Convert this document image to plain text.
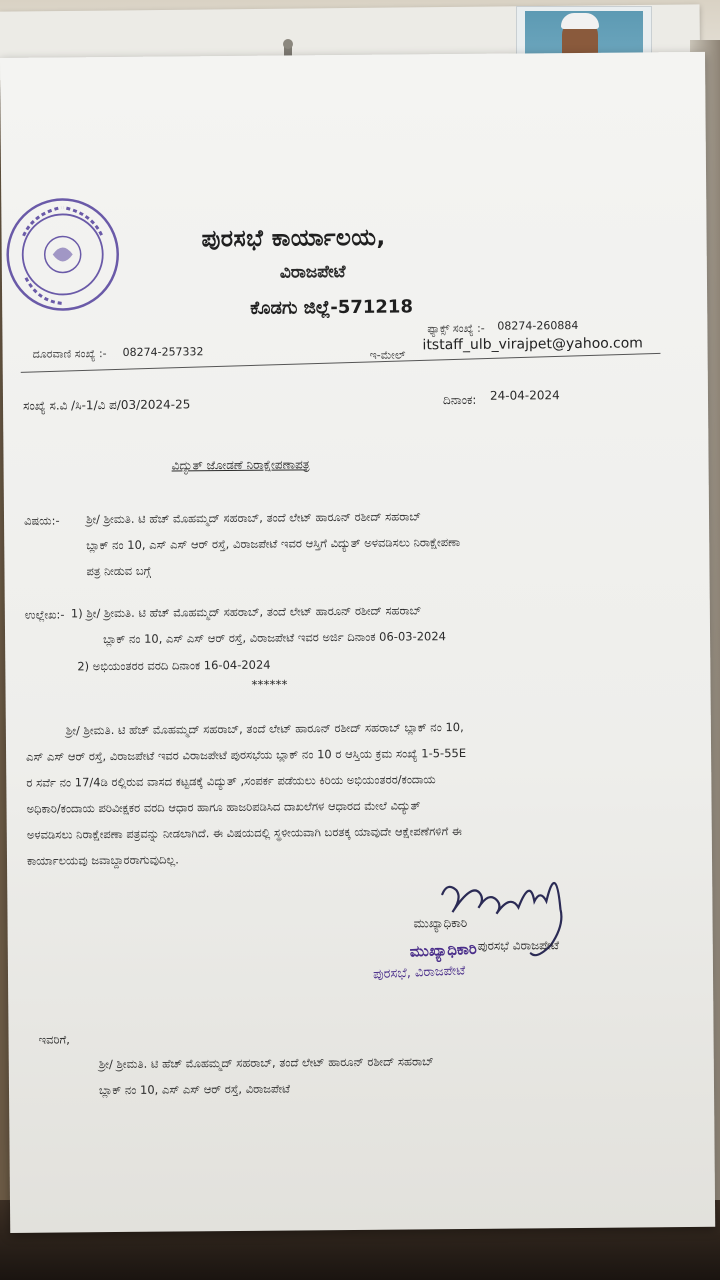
ಪುರಸಭೆ ಕಾರ್ಯಾಲಯ,
ವಿರಾಜಪೇಟೆ
ಕೊಡಗು ಜಿಲ್ಲೆ-571218
ದೂರವಾಣಿ ಸಂಖ್ಯೆ :- 08274-257332
ಫ್ಯಾಕ್ಸ್ ಸಂಖ್ಯೆ :- 08274-260884
ಇ-ಮೇಲ್
itstaff_ulb_virajpet@yahoo.com
ಸಂಖ್ಯೆ ಸ.ವಿ /ಸಿ-1/ವಿ ಪ/03/2024-25	ದಿನಾಂಕ: 24-04-2024
ವಿದ್ಯುತ್ ಜೋಡಣೆ ನಿರಾಕ್ಷೇಪಣಾಪತ್ರ
ವಿಷಯ:- ಶ್ರೀ/ ಶ್ರೀಮತಿ. ಟಿ ಹೆಚ್ ಮೊಹಮ್ಮದ್ ಸಹರಾಬ್, ತಂದೆ ಲೇಟ್ ಹಾರೂನ್ ರಶೀದ್ ಸಹರಾಬ್
ಬ್ಲಾಕ್ ನಂ 10, ಎಸ್ ಎಸ್ ಆರ್ ರಸ್ತೆ, ವಿರಾಜಪೇಟೆ ಇವರ ಆಸ್ತಿಗೆ ವಿದ್ಯುತ್ ಅಳವಡಿಸಲು ನಿರಾಕ್ಷೇಪಣಾ
ಪತ್ರ ನೀಡುವ ಬಗ್ಗೆ
ಉಲ್ಲೇಖ:- 1) ಶ್ರೀ/ ಶ್ರೀಮತಿ. ಟಿ ಹೆಚ್ ಮೊಹಮ್ಮದ್ ಸಹರಾಬ್, ತಂದೆ ಲೇಟ್ ಹಾರೂನ್ ರಶೀದ್ ಸಹರಾಬ್
ಬ್ಲಾಕ್ ನಂ 10, ಎಸ್ ಎಸ್ ಆರ್ ರಸ್ತೆ, ವಿರಾಜಪೇಟೆ ಇವರ ಅರ್ಜಿ ದಿನಾಂಕ 06-03-2024
2) ಅಭಿಯಂತರರ ವರದಿ ದಿನಾಂಕ 16-04-2024
******
ಶ್ರೀ/ ಶ್ರೀಮತಿ. ಟಿ ಹೆಚ್ ಮೊಹಮ್ಮದ್ ಸಹರಾಬ್, ತಂದೆ ಲೇಟ್ ಹಾರೂನ್ ರಶೀದ್ ಸಹರಾಬ್ ಬ್ಲಾಕ್ ನಂ 10,
ಎಸ್ ಎಸ್ ಆರ್ ರಸ್ತೆ, ವಿರಾಜಪೇಟೆ ಇವರ ವಿರಾಜಪೇಟೆ ಪುರಸಭೆಯ ಬ್ಲಾಕ್ ನಂ 10 ರ ಆಸ್ತಿಯ ಕ್ರಮ ಸಂಖ್ಯೆ 1-5-55E
ರ ಸರ್ವೆ ನಂ 17/4ಡಿ ರಲ್ಲಿರುವ ವಾಸದ ಕಟ್ಟಡಕ್ಕೆ ವಿದ್ಯುತ್ ,ಸಂಪರ್ಕ ಪಡೆಯಲು ಕಿರಿಯ ಅಭಿಯಂತರರ/ಕಂದಾಯ
ಅಧಿಕಾರಿ/ಕಂದಾಯ ಪರಿವೀಕ್ಷಕರ ವರದಿ ಆಧಾರ ಹಾಗೂ ಹಾಜರಿಪಡಿಸಿದ ದಾಖಲೆಗಳ ಆಧಾರದ ಮೇಲೆ ವಿದ್ಯುತ್
ಅಳವಡಿಸಲು ನಿರಾಕ್ಷೇಪಣಾ ಪತ್ರವನ್ನು ನೀಡಲಾಗಿದೆ. ಈ ವಿಷಯದಲ್ಲಿ ಸ್ಥಳೀಯವಾಗಿ ಬರತಕ್ಕ ಯಾವುದೇ ಆಕ್ಷೇಪಣೆಗಳಿಗೆ ಈ
ಕಾರ್ಯಾಲಯವು ಜವಾಬ್ದಾರರಾಗುವುದಿಲ್ಲ.
ಮುಖ್ಯಾಧಿಕಾರಿ
ಮುಖ್ಯಾಧಿಕಾರಿ ಪುರಸಭೆ ವಿರಾಜಪೇಟೆ
ಪುರಸಭೆ, ವಿರಾಜಪೇಟೆ
ಇವರಿಗೆ,
ಶ್ರೀ/ ಶ್ರೀಮತಿ. ಟಿ ಹೆಚ್ ಮೊಹಮ್ಮದ್ ಸಹರಾಬ್, ತಂದೆ ಲೇಟ್ ಹಾರೂನ್ ರಶೀದ್ ಸಹರಾಬ್
ಬ್ಲಾಕ್ ನಂ 10, ಎಸ್ ಎಸ್ ಆರ್ ರಸ್ತೆ, ವಿರಾಜಪೇಟೆ
